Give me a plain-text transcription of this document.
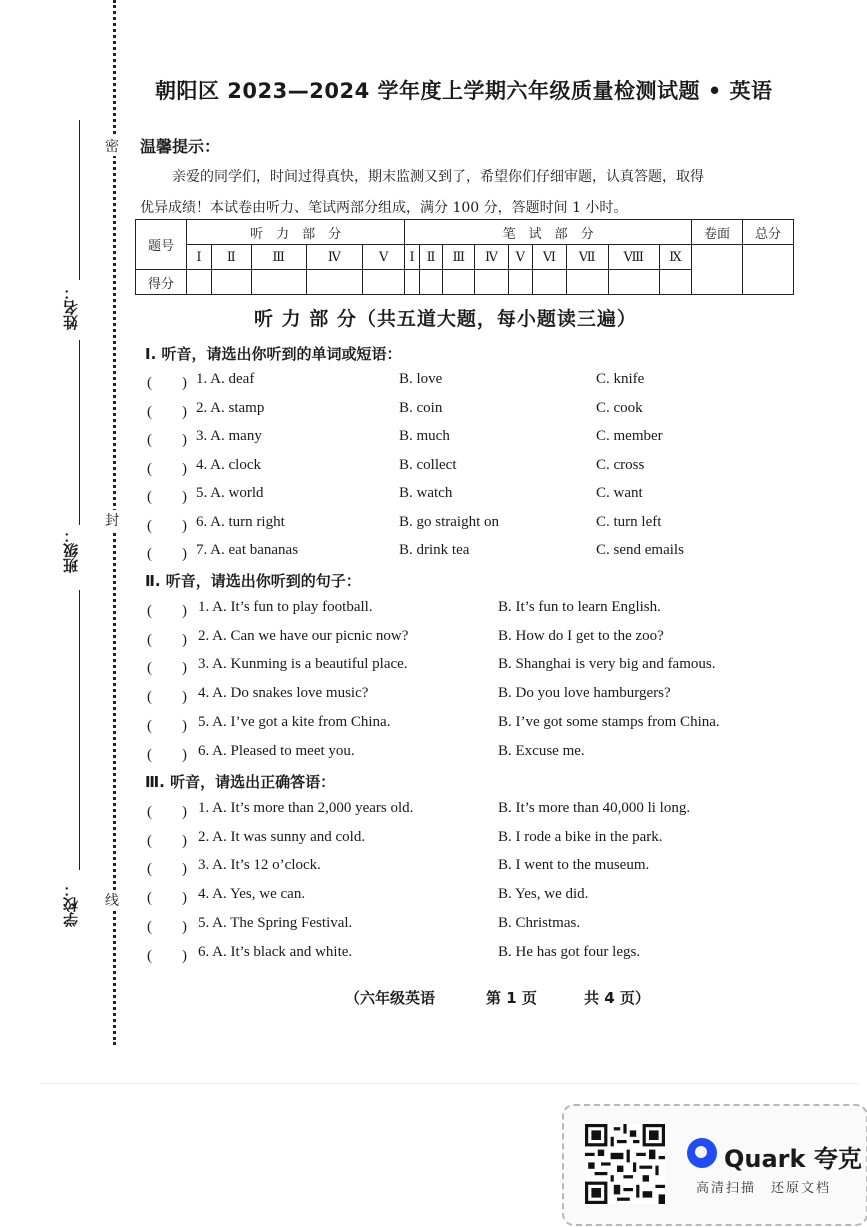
姓名：
班级：
学校：
密
封
线
朝阳区 2023—2024 学年度上学期六年级质量检测试题 • 英语
温馨提示：
亲爱的同学们，时间过得真快，期末监测又到了，希望你们仔细审题，认真答题，取得
优异成绩！本试卷由听力、笔试两部分组成，满分 100 分，答题时间 1 小时。
题号	听　力　部　分					笔　试　部　分									卷面	总分
	Ⅰ	Ⅱ	Ⅲ	Ⅳ	Ⅴ	Ⅰ	Ⅱ	Ⅲ	Ⅳ	Ⅴ	Ⅵ	Ⅶ	Ⅷ	Ⅸ		
得分																
听 力 部 分（共五道大题，每小题读三遍）
Ⅰ. 听音，请选出你听到的单词或短语：
(　　) 1. A. deaf	B. love	C. knife
(　　) 2. A. stamp	B. coin	C. cook
(　　) 3. A. many	B. much	C. member
(　　) 4. A. clock	B. collect	C. cross
(　　) 5. A. world	B. watch	C. want
(　　) 6. A. turn right	B. go straight on	C. turn left
(　　) 7. A. eat bananas	B. drink tea	C. send emails
Ⅱ. 听音，请选出你听到的句子：
(　　) 1. A. It’s fun to play football.	B. It’s fun to learn English.
(　　) 2. A. Can we have our picnic now?	B. How do I get to the zoo?
(　　) 3. A. Kunming is a beautiful place.	B. Shanghai is very big and famous.
(　　) 4. A. Do snakes love music?	B. Do you love hamburgers?
(　　) 5. A. I’ve got a kite from China.	B. I’ve got some stamps from China.
(　　) 6. A. Pleased to meet you.	B. Excuse me.
Ⅲ. 听音，请选出正确答语：
(　　) 1. A. It’s more than 2,000 years old.	B. It’s more than 40,000 li long.
(　　) 2. A. It was sunny and cold.	B. I rode a bike in the park.
(　　) 3. A. It’s 12 o’clock.	B. I went to the museum.
(　　) 4. A. Yes, we can.	B. Yes, we did.
(　　) 5. A. The Spring Festival.	B. Christmas.
(　　) 6. A. It’s black and white.	B. He has got four legs.
（六年级英语	第 1 页	共 4 页）
Quark 夸克
高清扫描　还原文档
